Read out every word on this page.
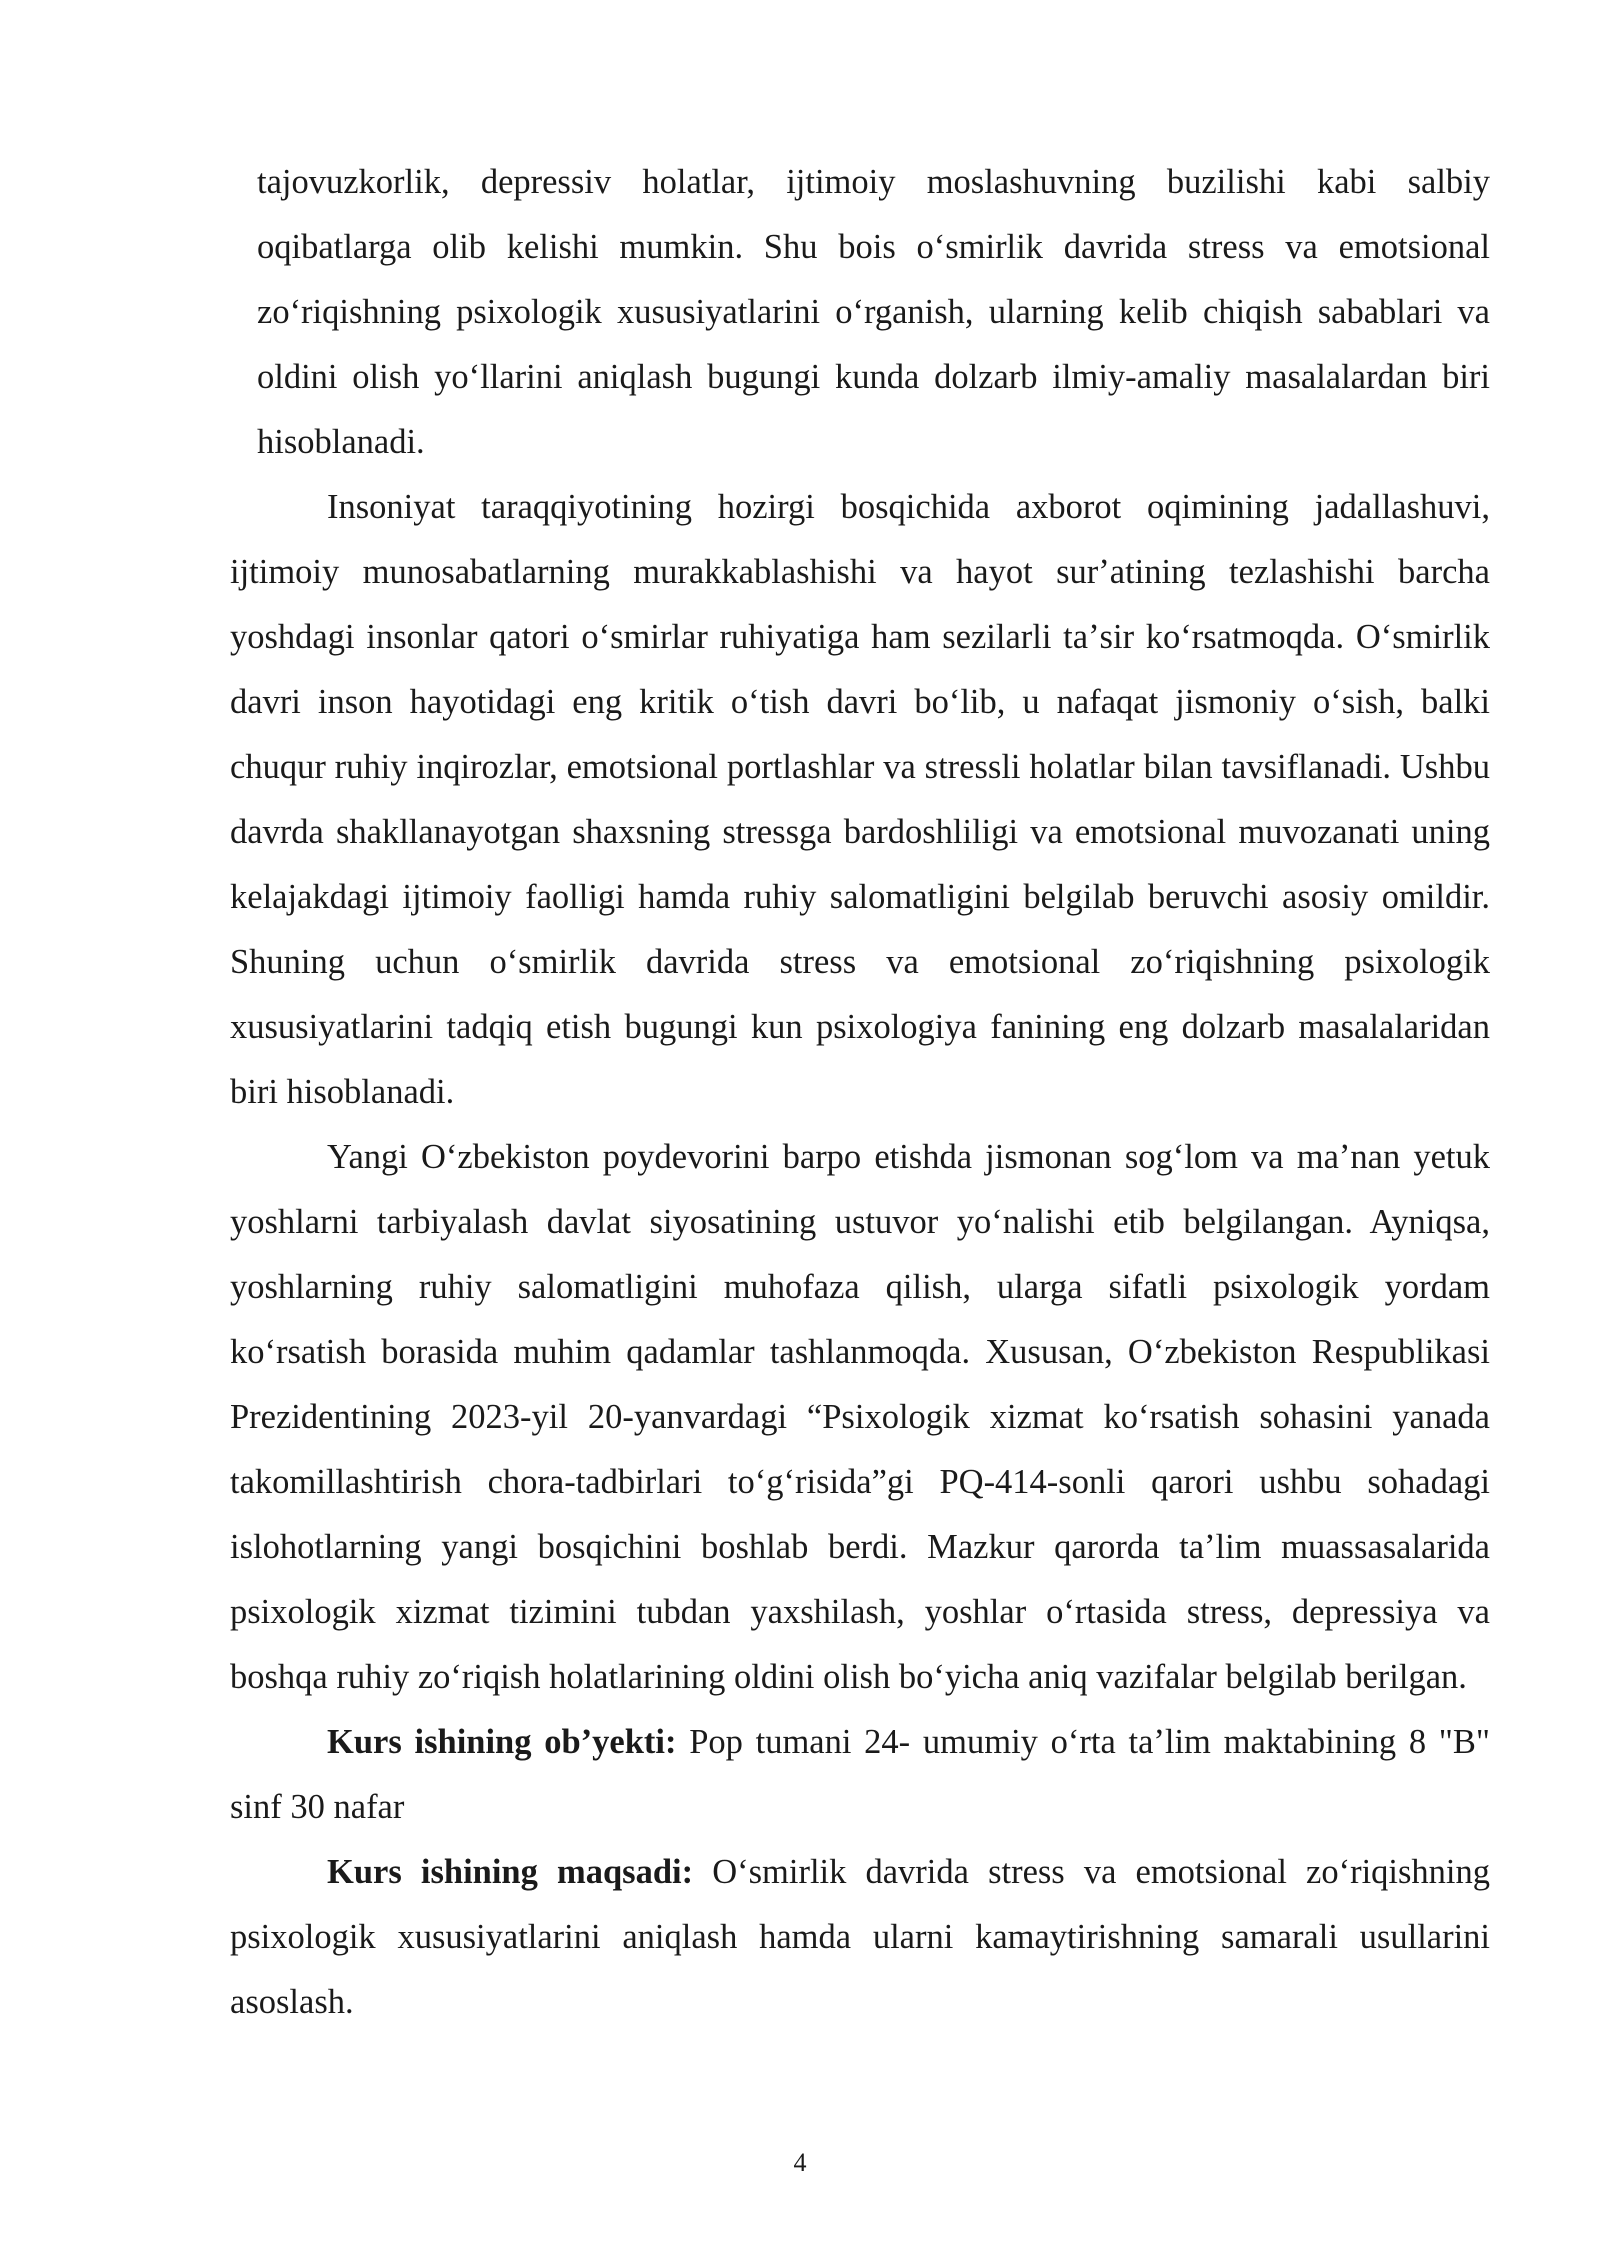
tajovuzkorlik, depressiv holatlar, ijtimoiy moslashuvning buzilishi kabi salbiy oqibatlarga olib kelishi mumkin. Shu bois oʻsmirlik davrida stress va emotsional zoʻriqishning psixologik xususiyatlarini oʻrganish, ularning kelib chiqish sabablari va oldini olish yoʻllarini aniqlash bugungi kunda dolzarb ilmiy-amaliy masalalardan biri hisoblanadi.

Insoniyat taraqqiyotining hozirgi bosqichida axborot oqimining jadallashuvi, ijtimoiy munosabatlarning murakkablashishi va hayot surʼatining tezlashishi barcha yoshdagi insonlar qatori oʻsmirlar ruhiyatiga ham sezilarli taʼsir koʻrsatmoqda. Oʻsmirlik davri inson hayotidagi eng kritik oʻtish davri boʻlib, u nafaqat jismoniy oʻsish, balki chuqur ruhiy inqirozlar, emotsional portlashlar va stressli holatlar bilan tavsiflanadi. Ushbu davrda shakllanayotgan shaxsning stressga bardoshliligi va emotsional muvozanati uning kelajakdagi ijtimoiy faolligi hamda ruhiy salomatligini belgilab beruvchi asosiy omildir. Shuning uchun oʻsmirlik davrida stress va emotsional zoʻriqishning psixologik xususiyatlarini tadqiq etish bugungi kun psixologiya fanining eng dolzarb masalalaridan biri hisoblanadi.

Yangi Oʻzbekiston poydevorini barpo etishda jismonan sogʻlom va maʼnan yetuk yoshlarni tarbiyalash davlat siyosatining ustuvor yoʻnalishi etib belgilangan. Ayniqsa, yoshlarning ruhiy salomatligini muhofaza qilish, ularga sifatli psixologik yordam koʻrsatish borasida muhim qadamlar tashlanmoqda. Xususan, Oʻzbekiston Respublikasi Prezidentining 2023-yil 20-yanvardagi “Psixologik xizmat koʻrsatish sohasini yanada takomillashtirish chora-tadbirlari toʻgʻrisida”gi PQ-414-sonli qarori ushbu sohadagi islohotlarning yangi bosqichini boshlab berdi. Mazkur qarorda taʼlim muassasalarida psixologik xizmat tizimini tubdan yaxshilash, yoshlar oʻrtasida stress, depressiya va boshqa ruhiy zoʻriqish holatlarining oldini olish boʻyicha aniq vazifalar belgilab berilgan.

Kurs ishining obʼyekti: Pop tumani 24- umumiy oʻrta taʼlim maktabining 8 "B" sinf 30 nafar

Kurs ishining maqsadi: Oʻsmirlik davrida stress va emotsional zoʻriqishning psixologik xususiyatlarini aniqlash hamda ularni kamaytirishning samarali usullarini asoslash.

4
